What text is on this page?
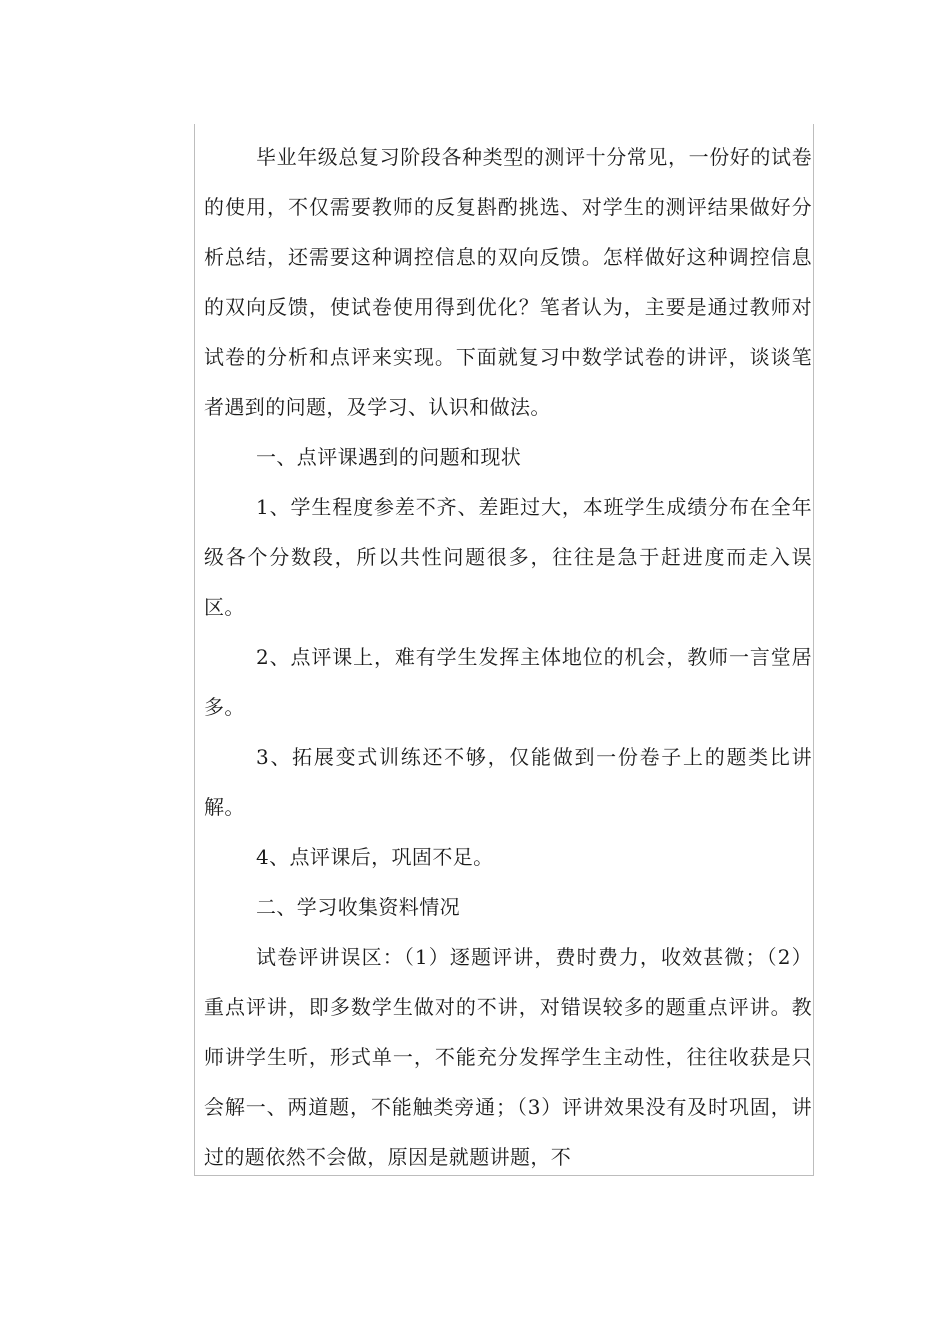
毕业年级总复习阶段各种类型的测评十分常见，一份好的试卷的使用，不仅需要教师的反复斟酌挑选、对学生的测评结果做好分析总结，还需要这种调控信息的双向反馈。怎样做好这种调控信息的双向反馈，使试卷使用得到优化？笔者认为，主要是通过教师对试卷的分析和点评来实现。下面就复习中数学试卷的讲评，谈谈笔者遇到的问题，及学习、认识和做法。

一、点评课遇到的问题和现状

1、学生程度参差不齐、差距过大，本班学生成绩分布在全年级各个分数段，所以共性问题很多，往往是急于赶进度而走入误区。

2、点评课上，难有学生发挥主体地位的机会，教师一言堂居多。

3、拓展变式训练还不够，仅能做到一份卷子上的题类比讲解。

4、点评课后，巩固不足。

二、学习收集资料情况

试卷评讲误区：（1）逐题评讲，费时费力，收效甚微；（2）重点评讲，即多数学生做对的不讲，对错误较多的题重点评讲。教师讲学生听，形式单一，不能充分发挥学生主动性，往往收获是只会解一、两道题，不能触类旁通；（3）评讲效果没有及时巩固，讲过的题依然不会做，原因是就题讲题，不
